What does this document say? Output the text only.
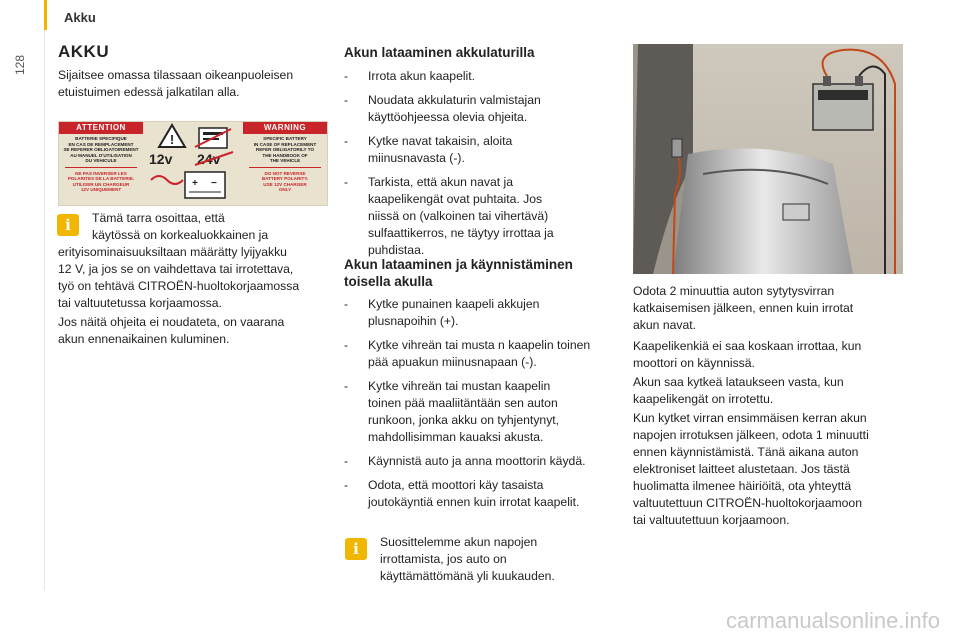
Akku
128
AKKU
Sijaitsee omassa tilassaan oikeanpuoleisen
etuistuimen edessä jalkatilan alla.
ATTENTION
BATTERIE SPECIFIQUE
EN CAS DE REMPLACEMENT
SE REFERER OBLIGATOIREMENT
AU MANUEL D'UTILISATION
DU VEHICULE
NE PAS INVERSER LES
POLARITES DE LA BATTERIE.
UTILISER UN CHARGEUR
12V UNIQUEMENT
!
12v 24v
+ −
WARNING
SPECIFIC BATTERY
IN CASE OF REPLACEMENT
REFER OBLIGATORILY TO
THE HANDBOOK OF
THE VEHICLE
DO NOT REVERSE
BATTERY POLARITY.
USE 12V CHARGER
ONLY
i	Tämä tarra osoittaa, että
käytössä on korkealuokkainen ja
erityisominaisuuksiltaan määrätty lyijyakku
12 V, ja jos se on vaihdettava tai irrotettava,
työ on tehtävä CITROËN-huoltokorjaamossa
tai valtuutetussa korjaamossa.
Jos näitä ohjeita ei noudateta, on vaarana
akun ennenaikainen kuluminen.
Akun lataaminen akkulaturilla
- Irrota akun kaapelit.
- Noudata akkulaturin valmistajan
käyttöohjeessa olevia ohjeita.
- Kytke navat takaisin, aloita
miinusnavasta (-).
- Tarkista, että akun navat ja
kaapelikengät ovat puhtaita. Jos
niissä on (valkoinen tai vihertävä)
sulfaattikerros, ne täytyy irrottaa ja
puhdistaa.
Akun lataaminen ja käynnistäminen
toisella akulla
- Kytke punainen kaapeli akkujen
plusnapoihin (+).
- Kytke vihreän tai musta n kaapelin toinen
pää apuakun miinusnapaan (-).
- Kytke vihreän tai mustan kaapelin
toinen pää maaliitäntään sen auton
runkoon, jonka akku on tyhjentynyt,
mahdollisimman kauaksi akusta.
- Käynnistä auto ja anna moottorin käydä.
- Odota, että moottori käy tasaista
joutokäyntiä ennen kuin irrotat kaapelit.
i	Suosittelemme akun napojen
irrottamista, jos auto on
käyttämättömänä yli kuukauden.
Odota 2 minuuttia auton sytytysvirran
katkaisemisen jälkeen, ennen kuin irrotat
akun navat.
Kaapelikenkiä ei saa koskaan irrottaa, kun
moottori on käynnissä.
Akun saa kytkeä lataukseen vasta, kun
kaapelikengät on irrotettu.
Kun kytket virran ensimmäisen kerran akun
napojen irrotuksen jälkeen, odota 1 minuutti
ennen käynnistämistä. Tänä aikana auton
elektroniset laitteet alustetaan. Jos tästä
huolimatta ilmenee häiriöitä, ota yhteyttä
valtuutettuun CITROËN-huoltokorjaamoon
tai valtuutettuun korjaamoon.
carmanualsonline.info
